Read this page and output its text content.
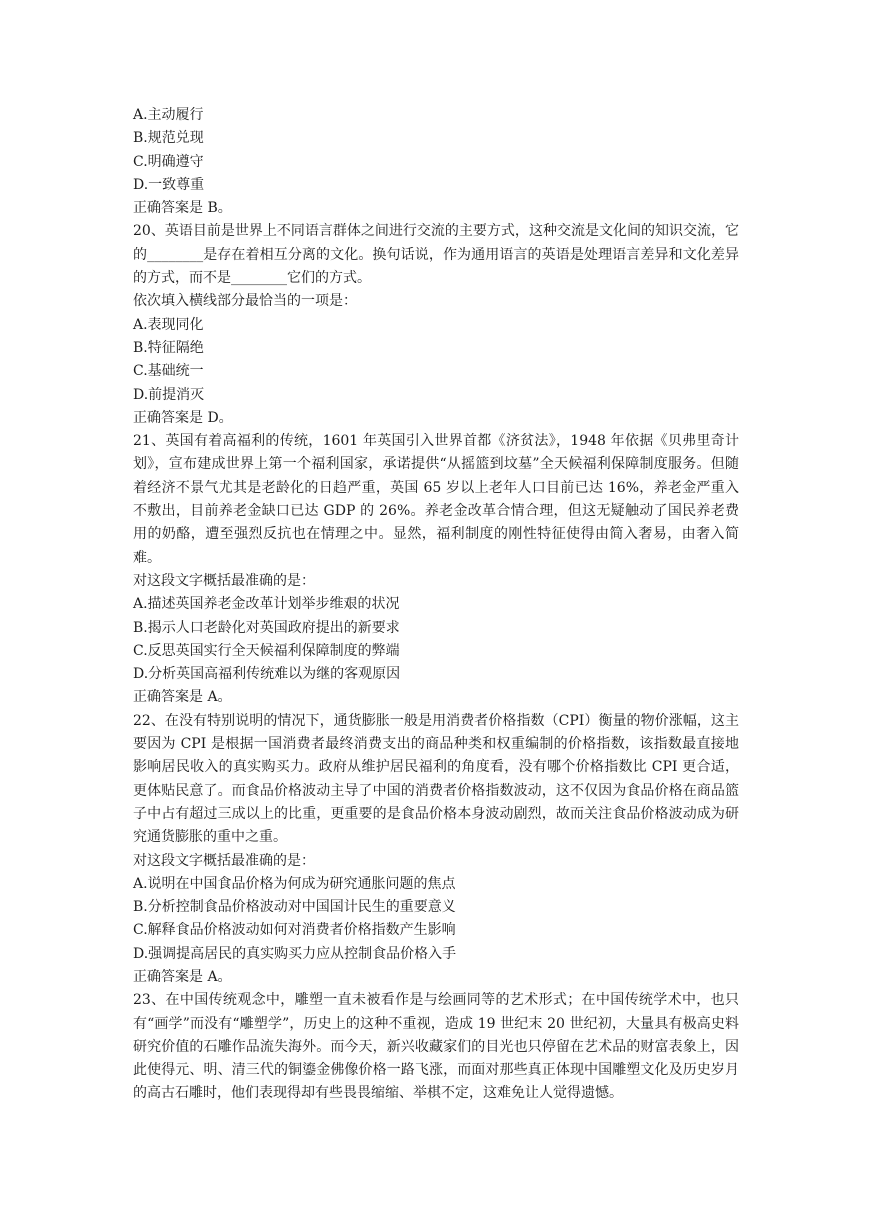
A.主动履行
B.规范兑现
C.明确遵守
D.一致尊重
正确答案是 B。
20、英语目前是世界上不同语言群体之间进行交流的主要方式，这种交流是文化间的知识交流，它的________是存在着相互分离的文化。换句话说，作为通用语言的英语是处理语言差异和文化差异的方式，而不是________它们的方式。
依次填入横线部分最恰当的一项是：
A.表现同化
B.特征隔绝
C.基础统一
D.前提消灭
正确答案是 D。
21、英国有着高福利的传统，1601 年英国引入世界首都《济贫法》，1948 年依据《贝弗里奇计划》，宣布建成世界上第一个福利国家，承诺提供“从摇篮到坟墓”全天候福利保障制度服务。但随着经济不景气尤其是老龄化的日趋严重，英国 65 岁以上老年人口目前已达 16%，养老金严重入不敷出，目前养老金缺口已达 GDP 的 26%。养老金改革合情合理，但这无疑触动了国民养老费用的奶酪，遭至强烈反抗也在情理之中。显然，福利制度的刚性特征使得由简入奢易，由奢入简难。
对这段文字概括最准确的是：
A.描述英国养老金改革计划举步维艰的状况
B.揭示人口老龄化对英国政府提出的新要求
C.反思英国实行全天候福利保障制度的弊端
D.分析英国高福利传统难以为继的客观原因
正确答案是 A。
22、在没有特别说明的情况下，通货膨胀一般是用消费者价格指数（CPI）衡量的物价涨幅，这主要因为 CPI 是根据一国消费者最终消费支出的商品种类和权重编制的价格指数，该指数最直接地影响居民收入的真实购买力。政府从维护居民福利的角度看，没有哪个价格指数比 CPI 更合适，更体贴民意了。而食品价格波动主导了中国的消费者价格指数波动，这不仅因为食品价格在商品篮子中占有超过三成以上的比重，更重要的是食品价格本身波动剧烈，故而关注食品价格波动成为研究通货膨胀的重中之重。
对这段文字概括最准确的是：
A.说明在中国食品价格为何成为研究通胀问题的焦点
B.分析控制食品价格波动对中国国计民生的重要意义
C.解释食品价格波动如何对消费者价格指数产生影响
D.强调提高居民的真实购买力应从控制食品价格入手
正确答案是 A。
23、在中国传统观念中，雕塑一直未被看作是与绘画同等的艺术形式；在中国传统学术中，也只有“画学”而没有“雕塑学”，历史上的这种不重视，造成 19 世纪末 20 世纪初，大量具有极高史料研究价值的石雕作品流失海外。而今天，新兴收藏家们的目光也只停留在艺术品的财富表象上，因此使得元、明、清三代的铜鎏金佛像价格一路飞涨，而面对那些真正体现中国雕塑文化及历史岁月的高古石雕时，他们表现得却有些畏畏缩缩、举棋不定，这难免让人觉得遗憾。
